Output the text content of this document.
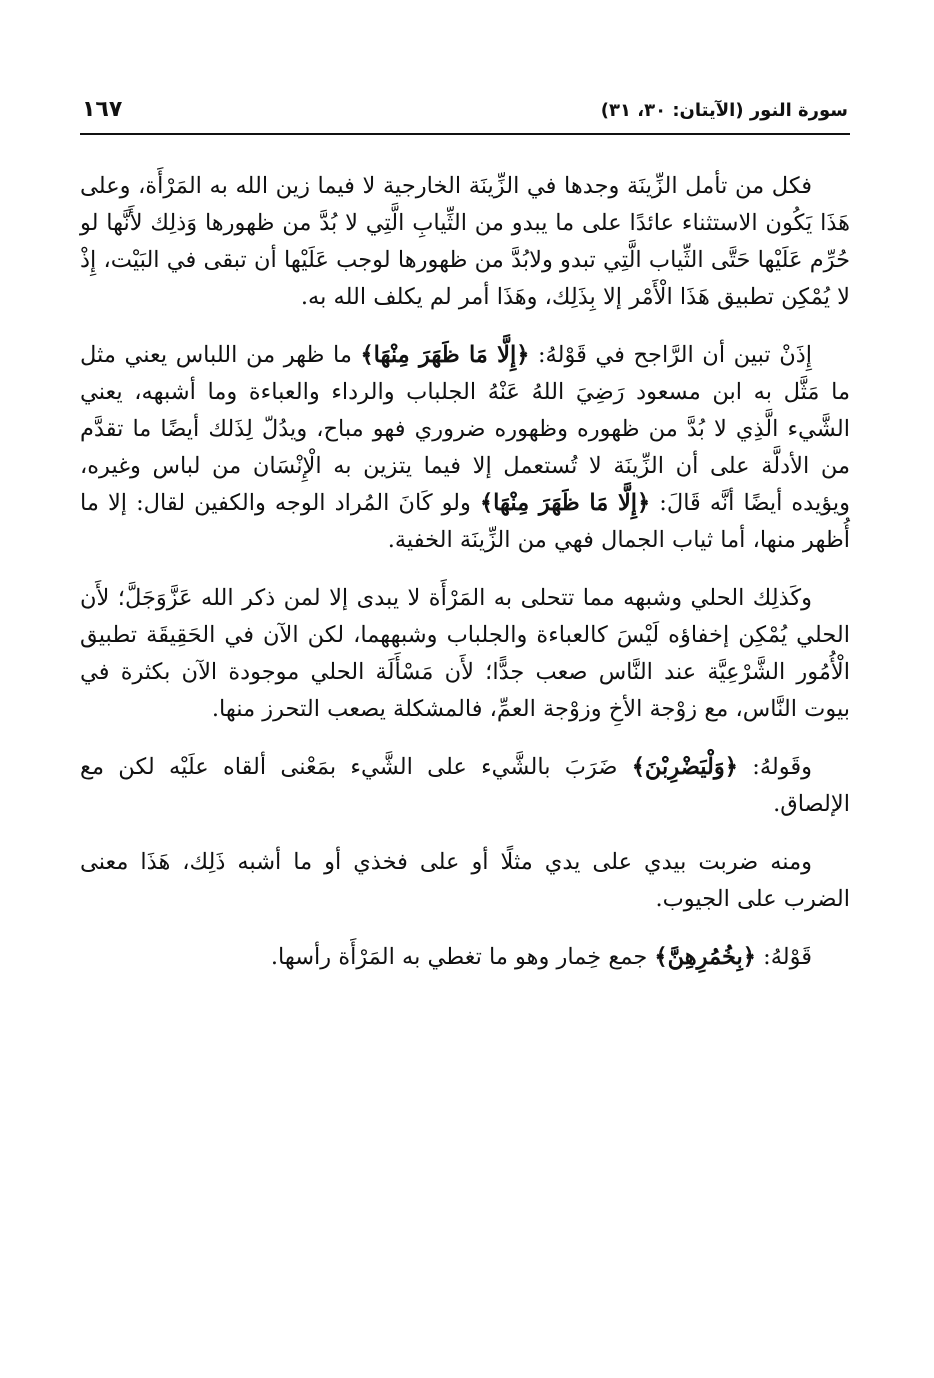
سورة النور (الآيتان: ٣٠، ٣١)
١٦٧

فكل من تأمل الزِّينَة وجدها في الزِّينَة الخارجية لا فيما زين الله به المَرْأَة، وعلى هَذَا يَكُون الاستثناء عائدًا على ما يبدو من الثِّيابِ الَّتِي لا بُدَّ من ظهورها وَذلِك لأَنَّها لو حُرِّم عَلَيْها حَتَّى الثِّياب الَّتِي تبدو ولابُدَّ من ظهورها لوجب عَلَيْها أن تبقى في البَيْت، إِذْ لا يُمْكِن تطبيق هَذَا الْأَمْر إلا بِذَلِك، وهَذَا أمر لم يكلف الله به.

إِذَنْ تبين أن الرَّاجح في قَوْلهُ: ﴿إِلَّا مَا ظَهَرَ مِنْهَا﴾ ما ظهر من اللباس يعني مثل ما مَثَّل به ابن مسعود رَضِيَ اللهُ عَنْهُ الجلباب والرداء والعباءة وما أشبهه، يعني الشَّيء الَّذِي لا بُدَّ من ظهوره وظهوره ضروري فهو مباح، ويدُلّ لِذَلك أيضًا ما تقدَّم من الأدلَّة على أن الزِّينَة لا تُستعمل إلا فيما يتزين به الْإِنْسَان من لباس وغيره، ويؤيده أيضًا أنَّه قَالَ: ﴿إِلَّا مَا ظَهَرَ مِنْهَا﴾ ولو كَانَ المُراد الوجه والكفين لقال: إلا ما أُظهر منها، أما ثياب الجمال فهي من الزِّينَة الخفية.

وكَذلِك الحلي وشبهه مما تتحلى به المَرْأَة لا يبدى إلا لمن ذكر الله عَزَّوَجَلَّ؛ لأَن الحلي يُمْكِن إخفاؤه لَيْسَ كالعباءة والجلباب وشبههما، لكن الآن في الحَقِيقَة تطبيق الْأُمُور الشَّرْعِيَّة عند النَّاس صعب جدًّا؛ لأَن مَسْأَلَة الحلي موجودة الآن بكثرة في بيوت النَّاس، مع زوْجة الأخِ وزوْجة العمِّ، فالمشكلة يصعب التحرز منها.

وقَولهُ: ﴿وَلْيَضْرِبْنَ﴾ ضَرَبَ بالشَّيء على الشَّيء بمَعْنى ألقاه علَيْه لكن مع الإلصاق.

ومنه ضربت بيدي على يدي مثلًا أو على فخذي أو ما أشبه ذَلِك، هَذَا معنى الضرب على الجيوب.

قَوْلهُ: ﴿بِخُمُرِهِنَّ﴾ جمع خِمار وهو ما تغطي به المَرْأَة رأسها.
